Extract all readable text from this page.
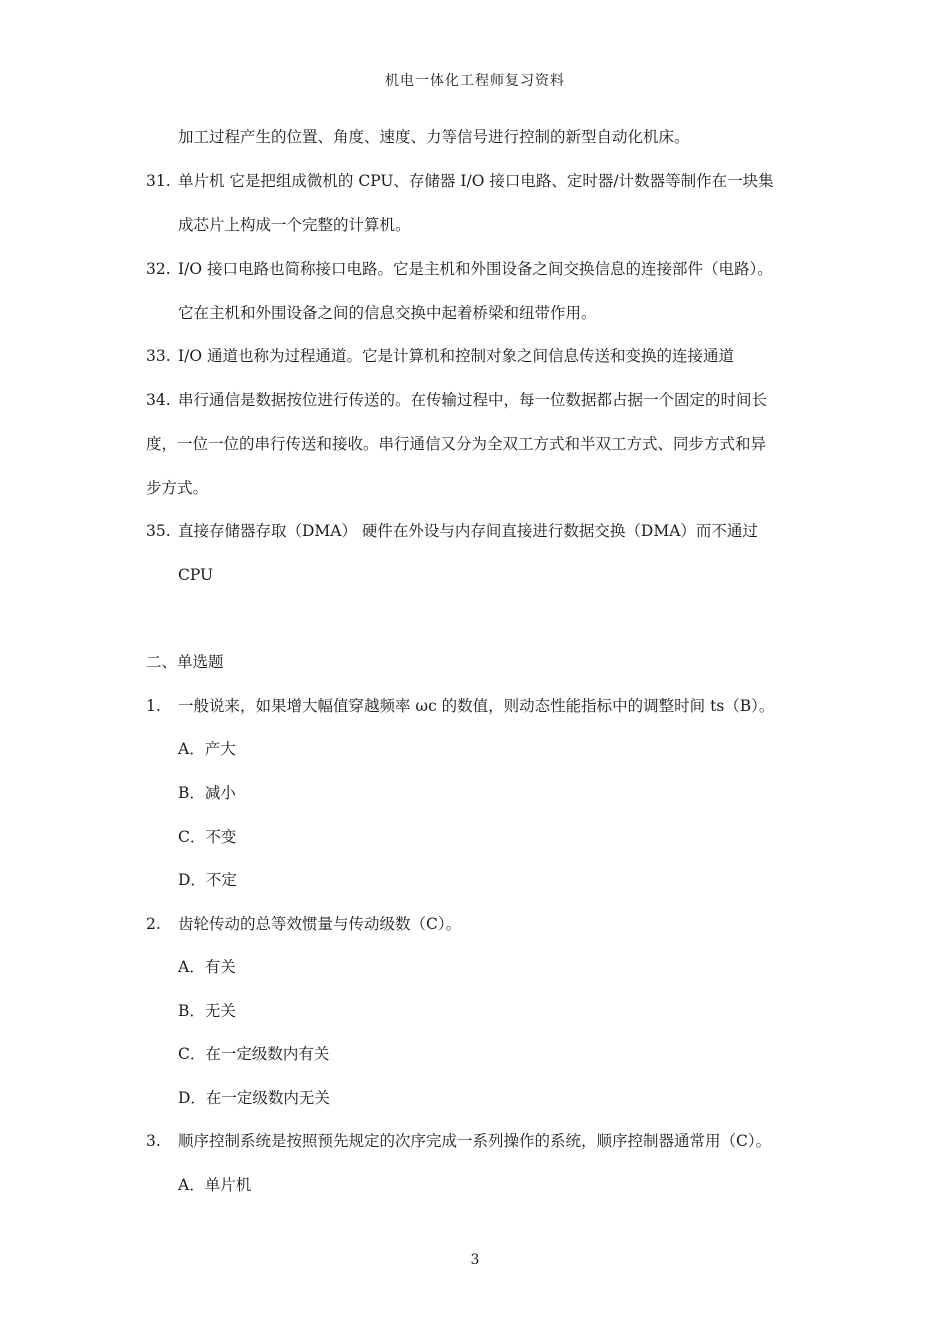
机电一体化工程师复习资料
加工过程产生的位置、角度、速度、力等信号进行控制的新型自动化机床。
31. 单片机 它是把组成微机的 CPU、存储器 I/O 接口电路、定时器/计数器等制作在一块集
成芯片上构成一个完整的计算机。
32. I/O 接口电路也简称接口电路。它是主机和外围设备之间交换信息的连接部件（电路）。
它在主机和外围设备之间的信息交换中起着桥梁和纽带作用。
33. I/O 通道也称为过程通道。它是计算机和控制对象之间信息传送和变换的连接通道
34. 串行通信是数据按位进行传送的。在传输过程中，每一位数据都占据一个固定的时间长
度，一位一位的串行传送和接收。串行通信又分为全双工方式和半双工方式、同步方式和异
步方式。
35. 直接存储器存取（DMA） 硬件在外设与内存间直接进行数据交换（DMA）而不通过
CPU
二、单选题
1. 一般说来，如果增大幅值穿越频率 ωc 的数值，则动态性能指标中的调整时间 ts（B）。
A．产大
B．减小
C．不变
D．不定
2. 齿轮传动的总等效惯量与传动级数（C）。
A．有关
B．无关
C．在一定级数内有关
D．在一定级数内无关
3. 顺序控制系统是按照预先规定的次序完成一系列操作的系统，顺序控制器通常用（C）。
A．单片机
3
